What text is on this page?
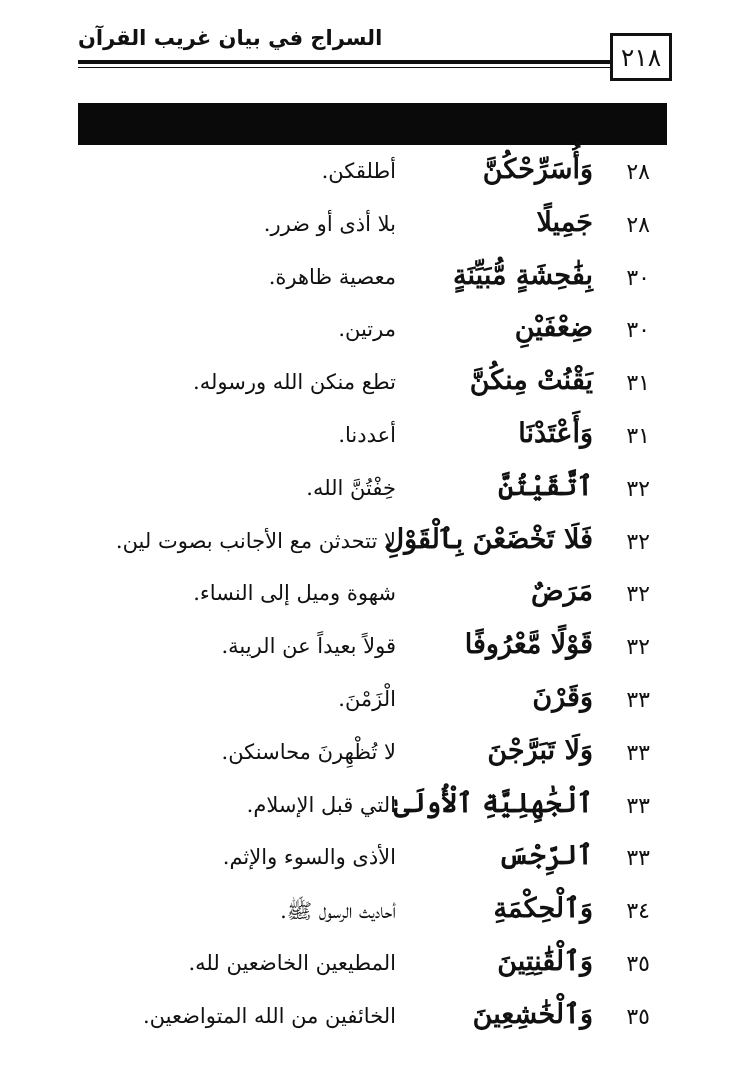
السراج في بيان غريب القرآن
٢١٨
٢٨
وَأُسَرِّحْكُنَّ
أطلقكن.
٢٨
جَمِيلًا
بلا أذى أو ضرر.
٣٠
بِفَٰحِشَةٍ مُّبَيِّنَةٍ
معصية ظاهرة.
٣٠
ضِعْفَيْنِ
مرتين.
٣١
يَقْنُتْ مِنكُنَّ
تطع منكن الله ورسوله.
٣١
وَأَعْتَدْنَا
أعددنا.
٣٢
ٱتَّقَيْتُنَّ
خِفْتُنَّ الله.
٣٢
فَلَا تَخْضَعْنَ بِٱلْقَوْلِ
لا تتحدثن مع الأجانب بصوت لين.
٣٢
مَرَضٌ
شهوة وميل إلى النساء.
٣٢
قَوْلًا مَّعْرُوفًا
قولاً بعيداً عن الريبة.
٣٣
وَقَرْنَ
الْزَمْنَ.
٣٣
وَلَا تَبَرَّجْنَ
لا تُظْهِرنَ محاسنكن.
٣٣
ٱلْجَٰهِلِيَّةِ ٱلْأُولَىٰ
التي قبل الإسلام.
٣٣
ٱلرِّجْسَ
الأذى والسوء والإثم.
٣٤
وَٱلْحِكْمَةِ
أحاديث الرسول ﷺ.
٣٥
وَٱلْقَٰنِتِينَ
المطيعين الخاضعين لله.
٣٥
وَٱلْخَٰشِعِينَ
الخائفين من الله المتواضعين.
